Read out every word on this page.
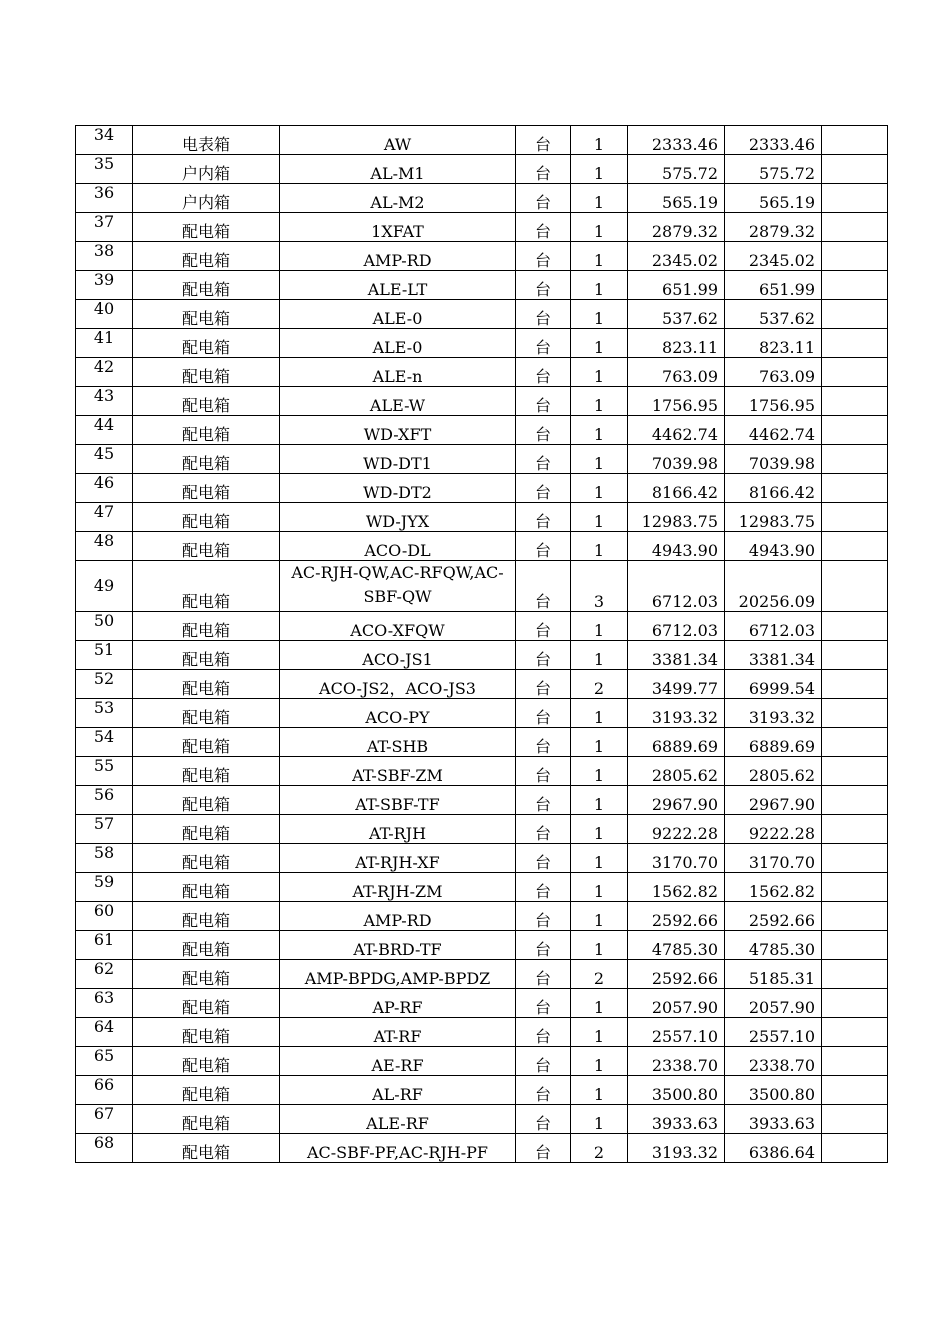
34	电表箱	AW	台	1	2333.46	2333.46	
35	户内箱	AL-M1	台	1	575.72	575.72	
36	户内箱	AL-M2	台	1	565.19	565.19	
37	配电箱	1XFAT	台	1	2879.32	2879.32	
38	配电箱	AMP-RD	台	1	2345.02	2345.02	
39	配电箱	ALE-LT	台	1	651.99	651.99	
40	配电箱	ALE-0	台	1	537.62	537.62	
41	配电箱	ALE-0	台	1	823.11	823.11	
42	配电箱	ALE-n	台	1	763.09	763.09	
43	配电箱	ALE-W	台	1	1756.95	1756.95	
44	配电箱	WD-XFT	台	1	4462.74	4462.74	
45	配电箱	WD-DT1	台	1	7039.98	7039.98	
46	配电箱	WD-DT2	台	1	8166.42	8166.42	
47	配电箱	WD-JYX	台	1	12983.75	12983.75	
48	配电箱	ACO-DL	台	1	4943.90	4943.90	
49	配电箱	AC-RJH-QW,AC-RFQW,AC-SBF-QW	台	3	6712.03	20256.09	
50	配电箱	ACO-XFQW	台	1	6712.03	6712.03	
51	配电箱	ACO-JS1	台	1	3381.34	3381.34	
52	配电箱	ACO-JS2，ACO-JS3	台	2	3499.77	6999.54	
53	配电箱	ACO-PY	台	1	3193.32	3193.32	
54	配电箱	AT-SHB	台	1	6889.69	6889.69	
55	配电箱	AT-SBF-ZM	台	1	2805.62	2805.62	
56	配电箱	AT-SBF-TF	台	1	2967.90	2967.90	
57	配电箱	AT-RJH	台	1	9222.28	9222.28	
58	配电箱	AT-RJH-XF	台	1	3170.70	3170.70	
59	配电箱	AT-RJH-ZM	台	1	1562.82	1562.82	
60	配电箱	AMP-RD	台	1	2592.66	2592.66	
61	配电箱	AT-BRD-TF	台	1	4785.30	4785.30	
62	配电箱	AMP-BPDG,AMP-BPDZ	台	2	2592.66	5185.31	
63	配电箱	AP-RF	台	1	2057.90	2057.90	
64	配电箱	AT-RF	台	1	2557.10	2557.10	
65	配电箱	AE-RF	台	1	2338.70	2338.70	
66	配电箱	AL-RF	台	1	3500.80	3500.80	
67	配电箱	ALE-RF	台	1	3933.63	3933.63	
68	配电箱	AC-SBF-PF,AC-RJH-PF	台	2	3193.32	6386.64	
